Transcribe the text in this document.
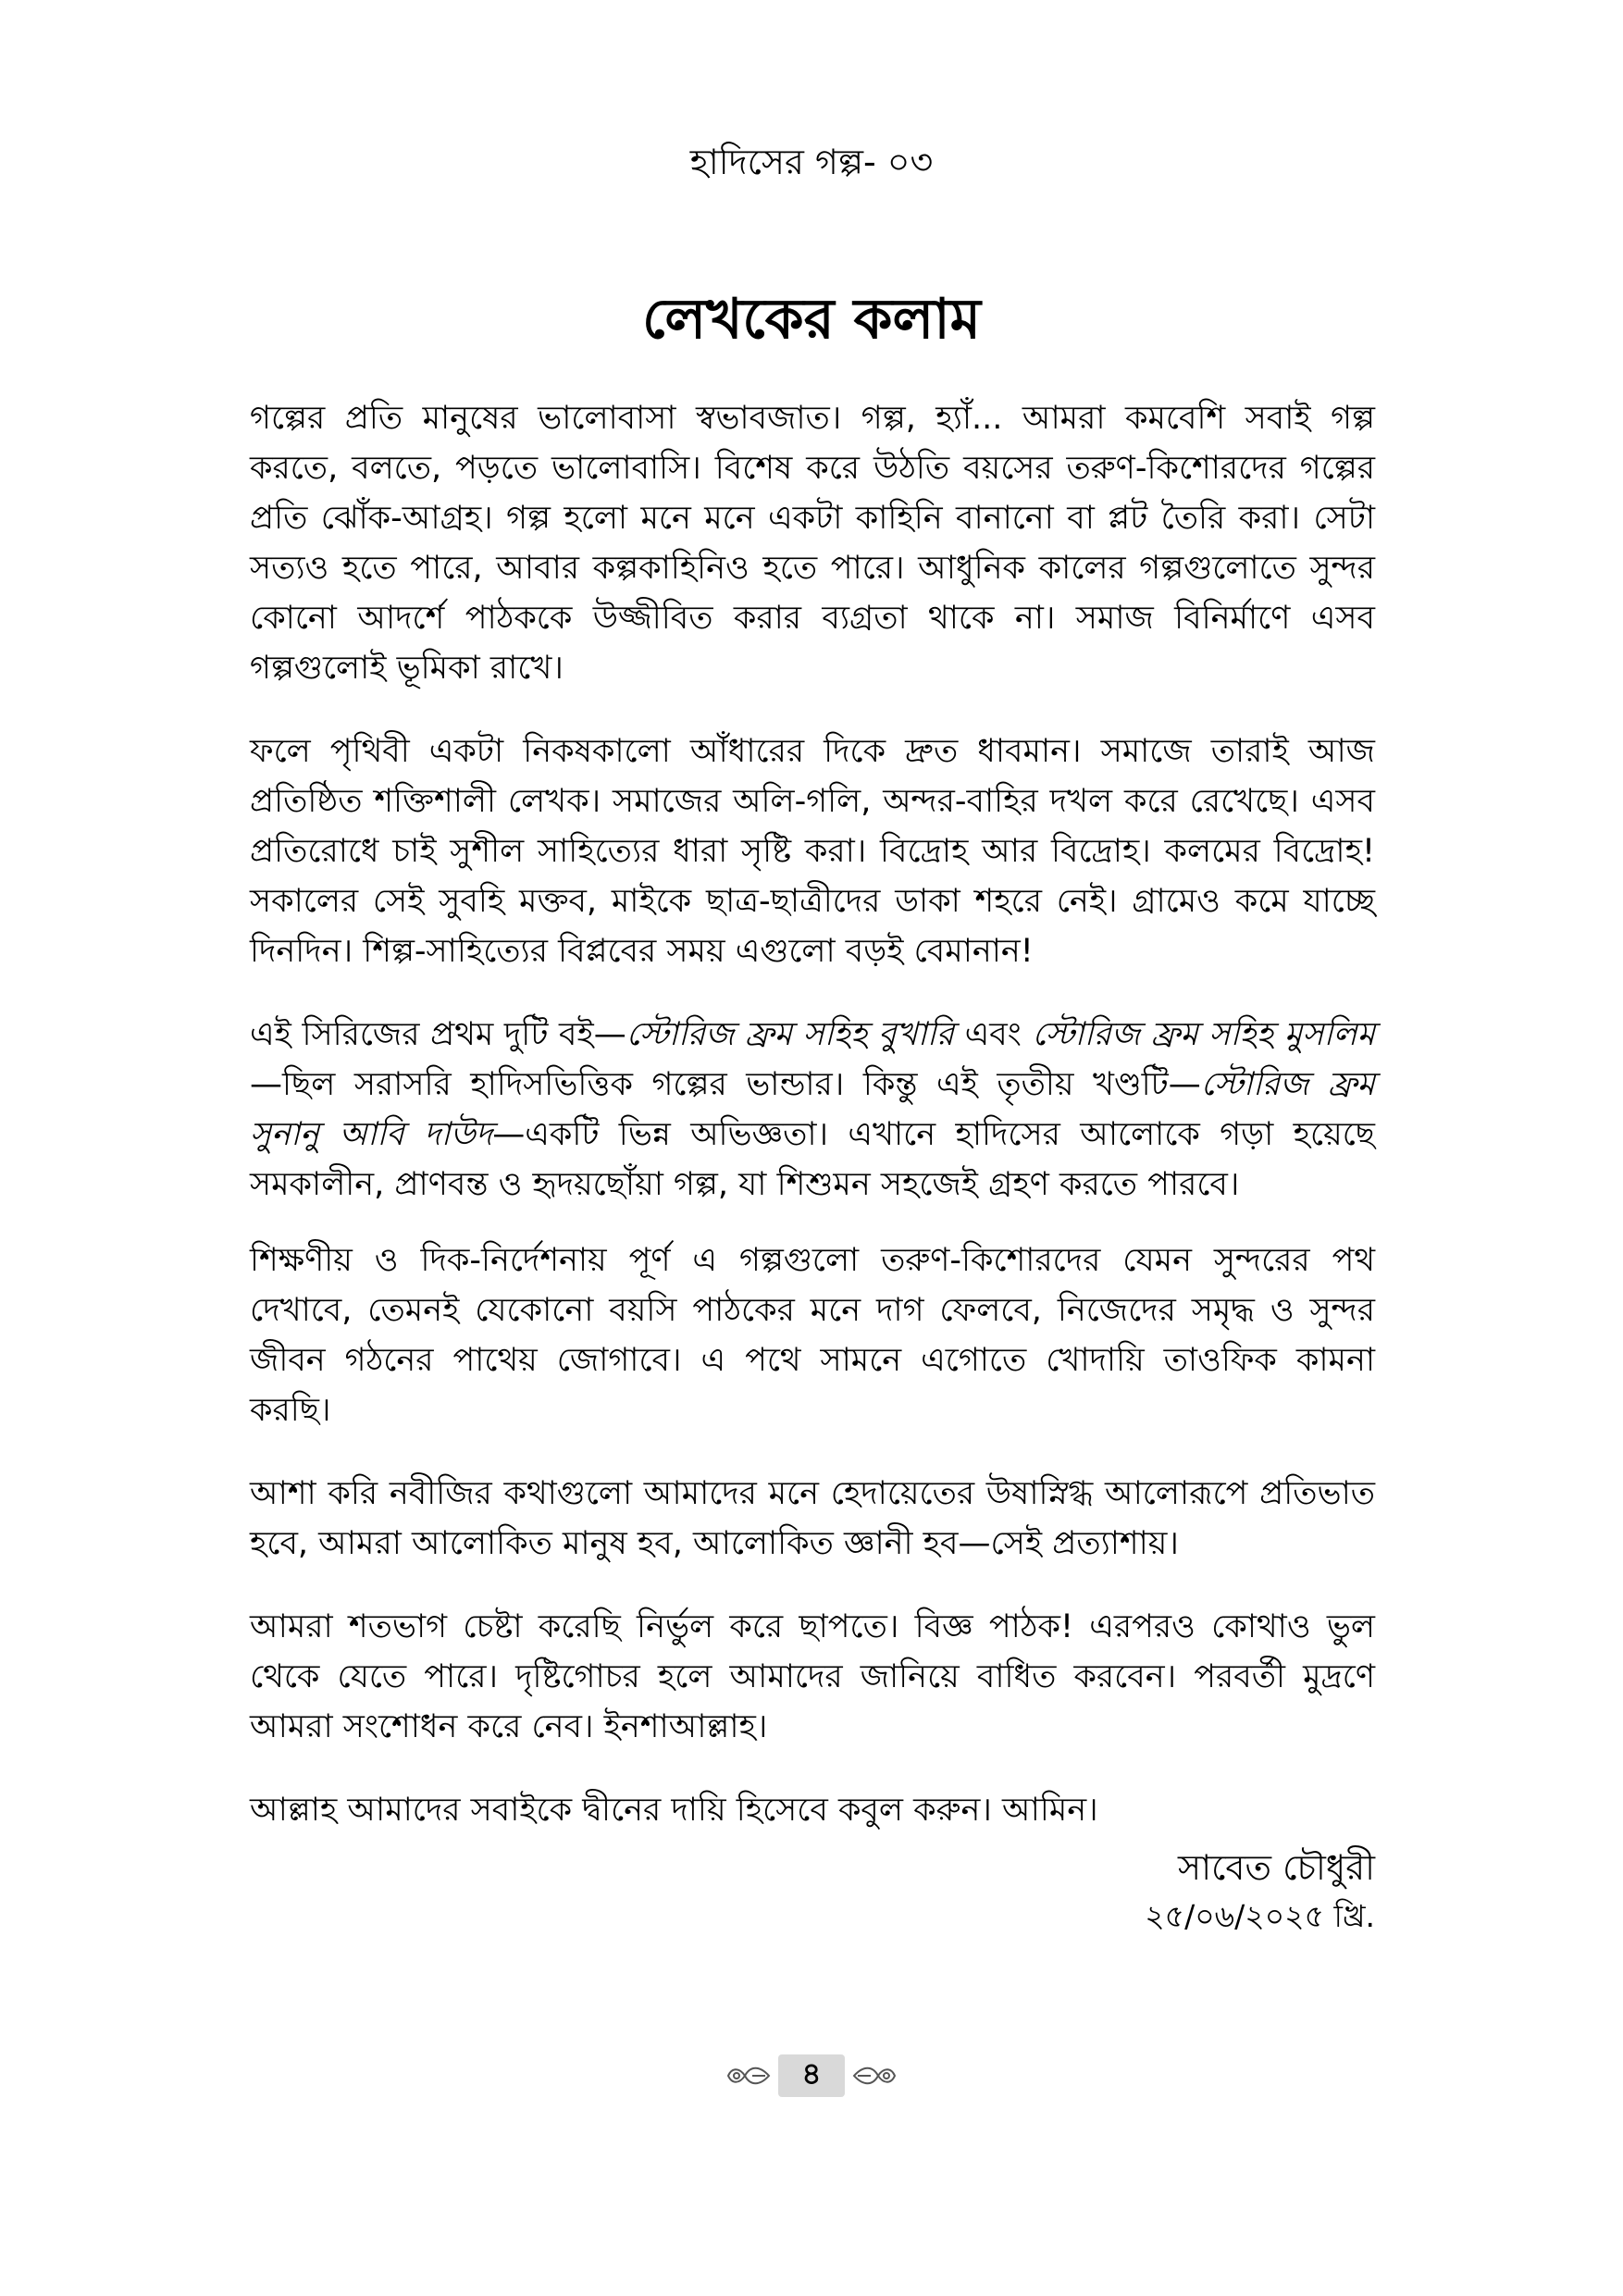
হাদিসের গল্প- ০৩
লেখকের কলাম

গল্পের প্রতি মানুষের ভালোবাসা স্বভাবজাত। গল্প, হ্যাঁ... আমরা কমবেশি সবাই গল্প করতে, বলতে, পড়তে ভালোবাসি। বিশেষ করে উঠতি বয়সের তরুণ-কিশোরদের গল্পের প্রতি ঝোঁক-আগ্রহ। গল্প হলো মনে মনে একটা কাহিনি বানানো বা প্লট তৈরি করা। সেটা সত্যও হতে পারে, আবার কল্পকাহিনিও হতে পারে। আধুনিক কালের গল্পগুলোতে সুন্দর কোনো আদর্শে পাঠককে উজ্জীবিত করার ব্যগ্রতা থাকে না। সমাজ বিনির্মাণে এসব গল্পগুলোই ভূমিকা রাখে।

ফলে পৃথিবী একটা নিকষকালো আঁধারের দিকে দ্রুত ধাবমান। সমাজে তারাই আজ প্রতিষ্ঠিত শক্তিশালী লেখক। সমাজের অলি-গলি, অন্দর-বাহির দখল করে রেখেছে। এসব প্রতিরোধে চাই সুশীল সাহিত্যের ধারা সৃষ্টি করা। বিদ্রোহ আর বিদ্রোহ। কলমের বিদ্রোহ! সকালের সেই সুবহি মক্তব, মাইকে ছাত্র-ছাত্রীদের ডাকা শহরে নেই। গ্রামেও কমে যাচ্ছে দিনদিন। শিল্প-সাহিত্যের বিপ্লবের সময় এগুলো বড়ই বেমানান!

এই সিরিজের প্রথম দুটি বই—স্টোরিজ ফ্রম সহিহ বুখারি এবং স্টোরিজ ফ্রম সহিহ মুসলিম—ছিল সরাসরি হাদিসভিত্তিক গল্পের ভান্ডার। কিন্তু এই তৃতীয় খণ্ডটি—স্টোরিজ ফ্রম সুনানু আবি দাউদ—একটি ভিন্ন অভিজ্ঞতা। এখানে হাদিসের আলোকে গড়া হয়েছে সমকালীন, প্রাণবন্ত ও হৃদয়ছোঁয়া গল্প, যা শিশুমন সহজেই গ্রহণ করতে পারবে।

শিক্ষণীয় ও দিক-নির্দেশনায় পূর্ণ এ গল্পগুলো তরুণ-কিশোরদের যেমন সুন্দরের পথ দেখাবে, তেমনই যেকোনো বয়সি পাঠকের মনে দাগ ফেলবে, নিজেদের সমৃদ্ধ ও সুন্দর জীবন গঠনের পাথেয় জোগাবে। এ পথে সামনে এগোতে খোদায়ি তাওফিক কামনা করছি।

আশা করি নবীজির কথাগুলো আমাদের মনে হেদায়েতের উষাস্নিগ্ধ আলোরূপে প্রতিভাত হবে, আমরা আলোকিত মানুষ হব, আলোকিত জ্ঞানী হব—সেই প্রত্যাশায়।

আমরা শতভাগ চেষ্টা করেছি নির্ভুল করে ছাপতে। বিজ্ঞ পাঠক! এরপরও কোথাও ভুল থেকে যেতে পারে। দৃষ্টিগোচর হলে আমাদের জানিয়ে বাধিত করবেন। পরবর্তী মুদ্রণে আমরা সংশোধন করে নেব। ইনশাআল্লাহ।

আল্লাহ আমাদের সবাইকে দ্বীনের দায়ি হিসেবে কবুল করুন। আমিন।

সাবেত চৌধুরী
২৫/০৬/২০২৫ খ্রি.
৪
